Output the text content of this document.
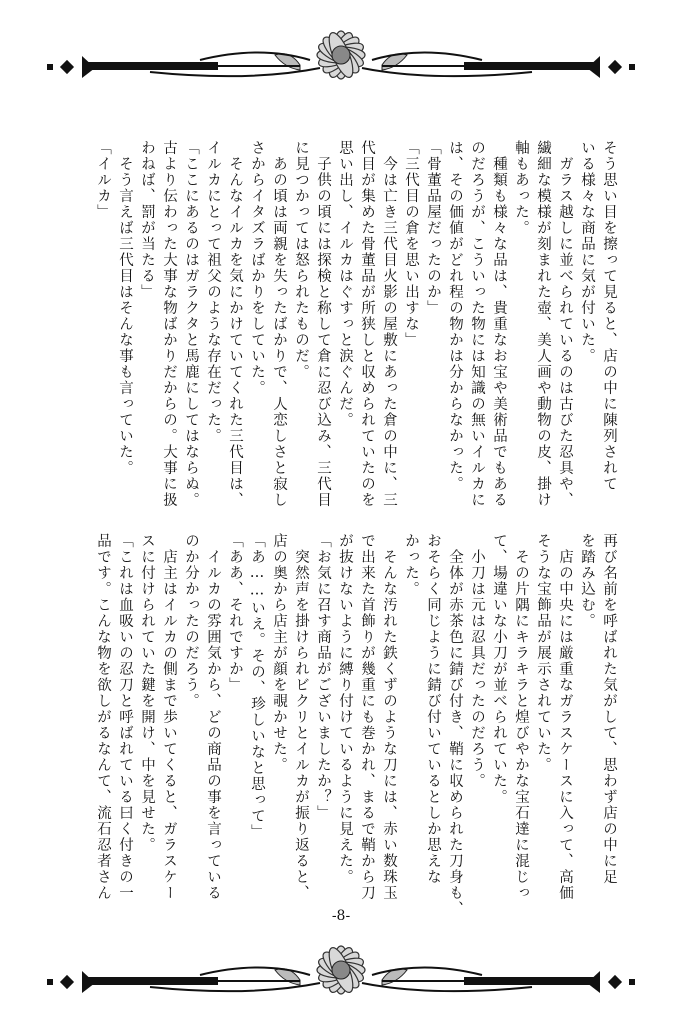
そう思い目を擦って見ると、店の中に陳列されて

いる様々な商品に気が付いた。

　ガラス越しに並べられているのは古びた忍具や、

繊細な模様が刻まれた壺、美人画や動物の皮、掛け

軸もあった。

　種類も様々な品は、貴重なお宝や美術品でもある

のだろうが、こういった物には知識の無いイルカに

は、その価値がどれ程の物かは分からなかった。

「骨董品屋だったのか」

「三代目の倉を思い出すな」

　今は亡き三代目火影の屋敷にあった倉の中に、三

代目が集めた骨董品が所狭しと収められていたのを

思い出し、イルカはぐすっと涙ぐんだ。

　子供の頃には探検と称して倉に忍び込み、三代目

に見つかっては怒られたものだ。

　あの頃は両親を失ったばかりで、人恋しさと寂し

さからイタズラばかりをしていた。

　そんなイルカを気にかけていてくれた三代目は、

イルカにとって祖父のような存在だった。

「ここにあるのはガラクタと馬鹿にしてはならぬ。

古より伝わった大事な物ばかりだからの。大事に扱

わねば、罰が当たる」

　そう言えば三代目はそんな事も言っていた。

「イルカ」

再び名前を呼ばれた気がして、思わず店の中に足

を踏み込む。

　店の中央には厳重なガラスケースに入って、高価

そうな宝飾品が展示されていた。

　その片隅にキラキラと煌びやかな宝石達に混じっ

て、場違いな小刀が並べられていた。

　小刀は元は忍具だったのだろう。

　全体が赤茶色に錆び付き、鞘に収められた刀身も、

おそらく同じように錆び付いているとしか思えな

かった。

　そんな汚れた鉄くずのような刀には、赤い数珠玉

で出来た首飾りが幾重にも巻かれ、まるで鞘から刀

が抜けないように縛り付けているように見えた。

「お気に召す商品がございましたか？」

　突然声を掛けられビクリとイルカが振り返ると、

店の奥から店主が顔を覗かせた。

「あ……いえ。その、珍しいなと思って」

「ああ、それですか」

　イルカの雰囲気から、どの商品の事を言っている

のか分かったのだろう。

　店主はイルカの側まで歩いてくると、ガラスケー

スに付けられていた鍵を開け、中を見せた。

「これは血吸いの忍刀と呼ばれている曰く付きの一

品です。こんな物を欲しがるなんて、流石忍者さん

-8-
